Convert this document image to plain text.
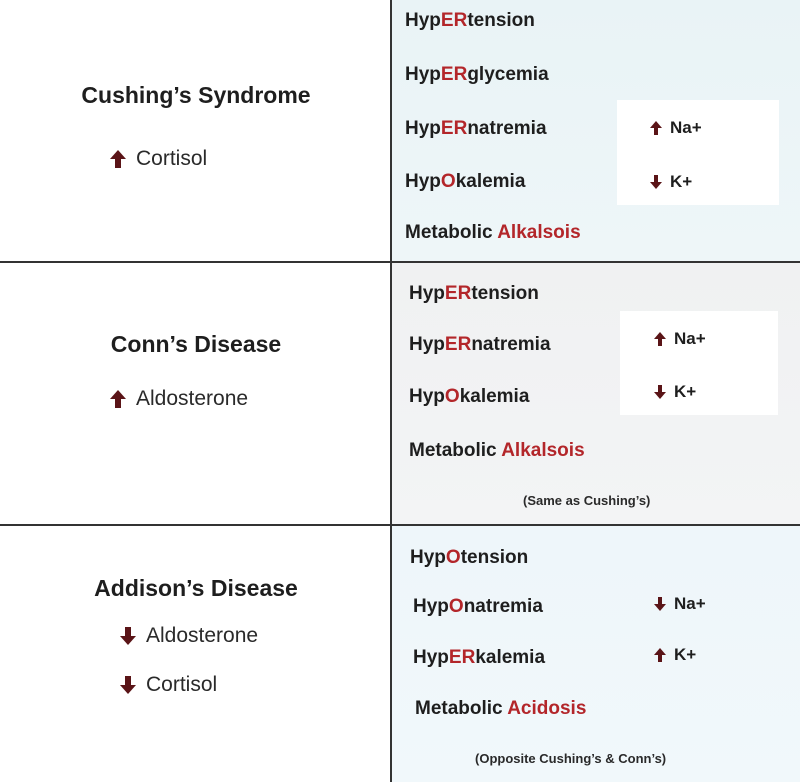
Cushing’s Syndrome
Cortisol
HypERtension
HypERglycemia
HypERnatremia
HypOkalemia
Metabolic Alkalsois
Na+
K+
Conn’s Disease
Aldosterone
HypERtension
HypERnatremia
HypOkalemia
Metabolic Alkalsois
(Same as Cushing’s)
Na+
K+
Addison’s Disease
Aldosterone
Cortisol
HypOtension
HypOnatremia
HypERkalemia
Metabolic Acidosis
(Opposite Cushing’s & Conn’s)
Na+
K+
